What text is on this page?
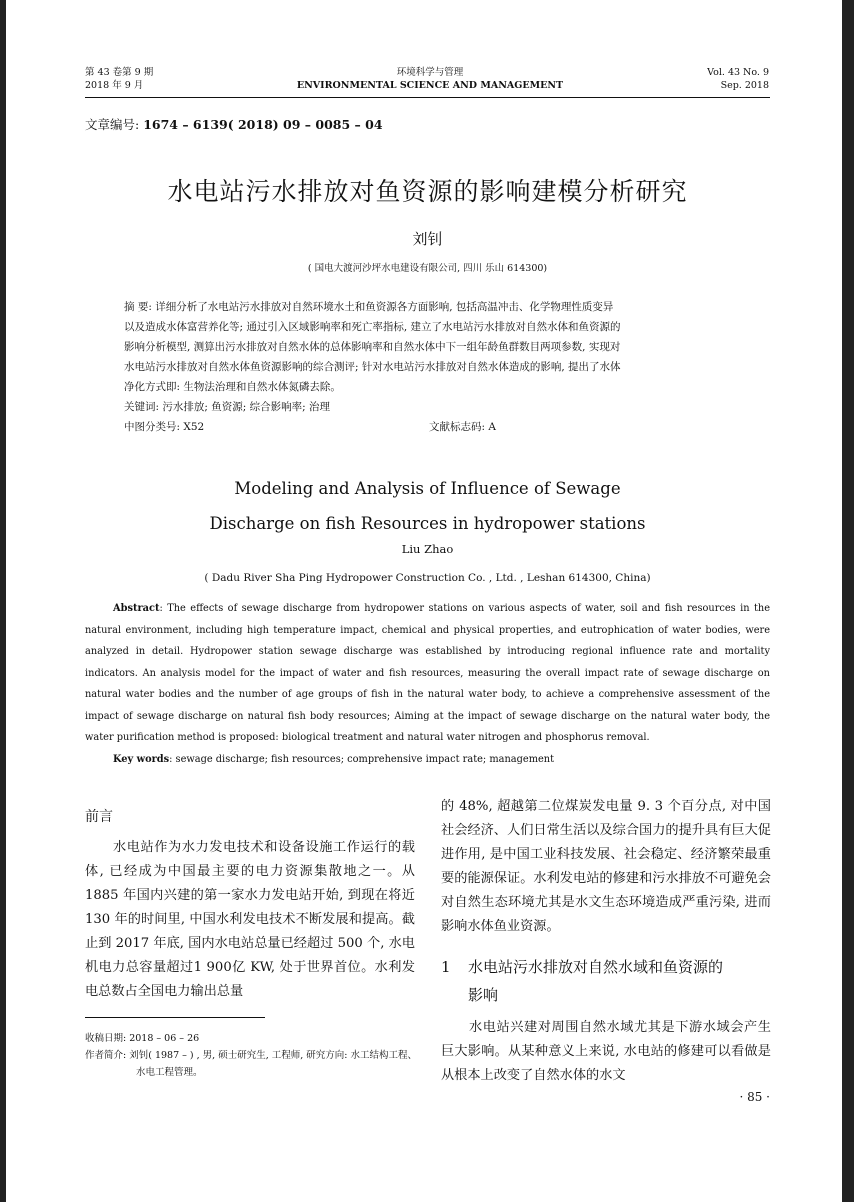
第 43 卷第 9 期
2018 年 9 月
环境科学与管理
ENVIRONMENTAL SCIENCE AND MANAGEMENT
Vol. 43 No. 9
Sep. 2018
文章编号: 1674 – 6139( 2018) 09 – 0085 – 04
水电站污水排放对鱼资源的影响建模分析研究
刘钊
( 国电大渡河沙坪水电建设有限公司, 四川 乐山 614300)
摘 要: 详细分析了水电站污水排放对自然环境水土和鱼资源各方面影响, 包括高温冲击、化学物理性质变异
以及造成水体富营养化等; 通过引入区域影响率和死亡率指标, 建立了水电站污水排放对自然水体和鱼资源的
影响分析模型, 测算出污水排放对自然水体的总体影响率和自然水体中下一组年龄鱼群数目两项参数, 实现对
水电站污水排放对自然水体鱼资源影响的综合测评; 针对水电站污水排放对自然水体造成的影响, 提出了水体
净化方式即: 生物法治理和自然水体氮磷去除。
关键词: 污水排放; 鱼资源; 综合影响率; 治理
中图分类号: X52	文献标志码: A
Modeling and Analysis of Influence of Sewage
Discharge on fish Resources in hydropower stations
Liu Zhao
( Dadu River Sha Ping Hydropower Construction Co. , Ltd. , Leshan 614300, China)

Abstract: The effects of sewage discharge from hydropower stations on various aspects of water, soil and fish resources in the natural environment, including high temperature impact, chemical and physical properties, and eutrophication of water bodies, were analyzed in detail. Hydropower station sewage discharge was established by introducing regional influence rate and mortality indicators. An analysis model for the impact of water and fish resources, measuring the overall impact rate of sewage discharge on natural water bodies and the number of age groups of fish in the natural water body, to achieve a comprehensive assessment of the impact of sewage discharge on natural fish body resources; Aiming at the impact of sewage discharge on the natural water body, the water purification method is proposed: biological treatment and natural water nitrogen and phosphorus removal.

Key words: sewage discharge; fish resources; comprehensive impact rate; management

前言

水电站作为水力发电技术和设备设施工作运行的载体, 已经成为中国最主要的电力资源集散地之一。从 1885 年国内兴建的第一家水力发电站开始, 到现在将近 130 年的时间里, 中国水利发电技术不断发展和提高。截止到 2017 年底, 国内水电站总量已经超过 500 个, 水电机电力总容量超过1 900亿 KW, 处于世界首位。水利发电总数占全国电力输出总量

收稿日期: 2018 – 06 – 26
作者简介: 刘钊( 1987 – ) , 男, 硕士研究生, 工程师, 研究方向: 水工结构工程、水电工程管理。

的 48%, 超越第二位煤炭发电量 9. 3 个百分点, 对中国社会经济、人们日常生活以及综合国力的提升具有巨大促进作用, 是中国工业科技发展、社会稳定、经济繁荣最重要的能源保证。水利发电站的修建和污水排放不可避免会对自然生态环境尤其是水文生态环境造成严重污染, 进而影响水体鱼业资源。

1 水电站污水排放对自然水域和鱼资源的
影响

水电站兴建对周围自然水域尤其是下游水域会产生巨大影响。从某种意义上来说, 水电站的修建可以看做是从根本上改变了自然水体的水文

· 85 ·
